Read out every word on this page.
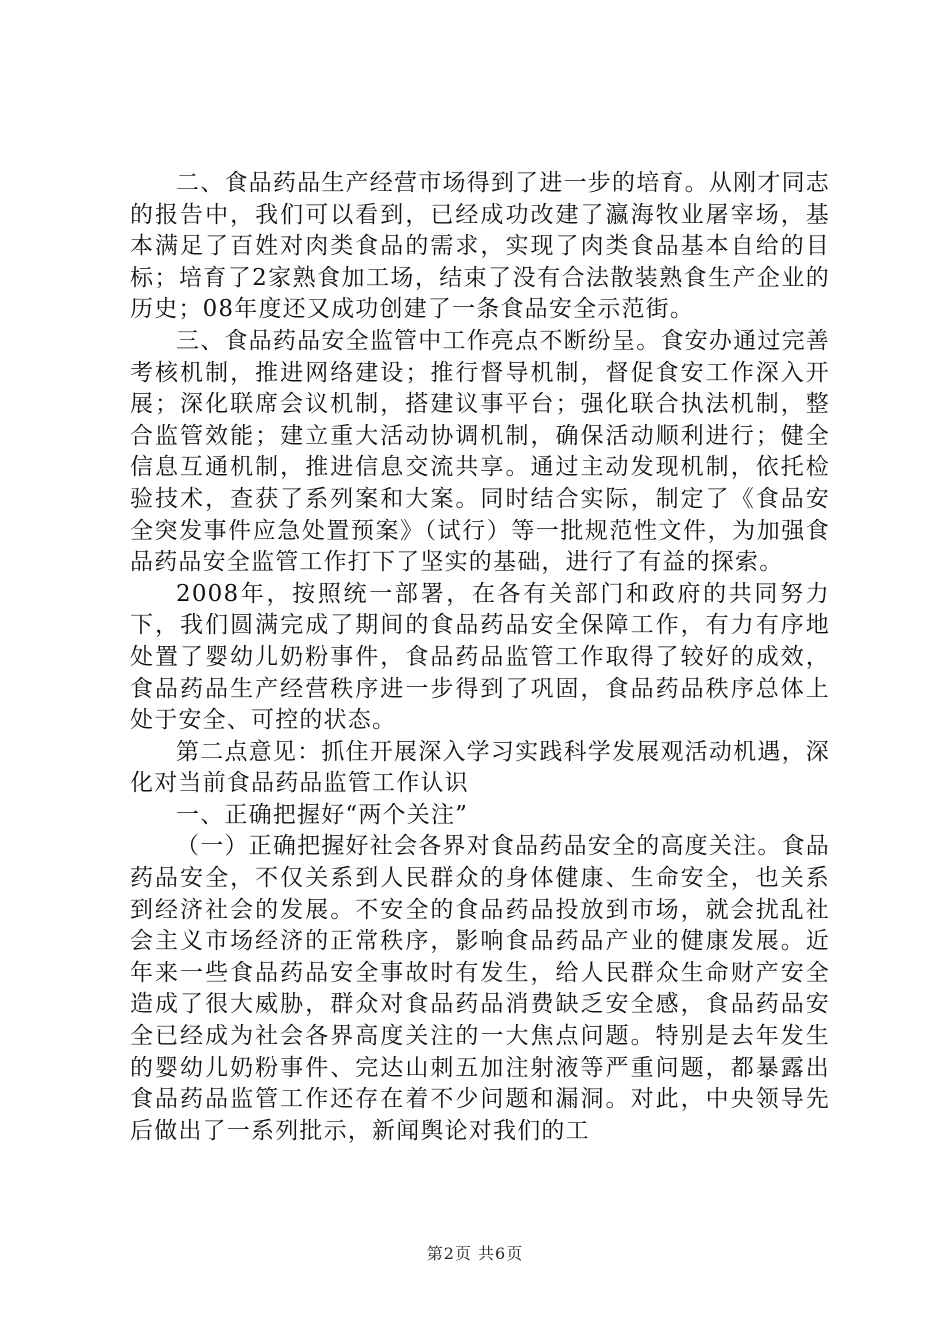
二、食品药品生产经营市场得到了进一步的培育。从刚才同志的报告中，我们可以看到，已经成功改建了瀛海牧业屠宰场，基本满足了百姓对肉类食品的需求，实现了肉类食品基本自给的目标；培育了2家熟食加工场，结束了没有合法散装熟食生产企业的历史；08年度还又成功创建了一条食品安全示范街。

三、食品药品安全监管中工作亮点不断纷呈。食安办通过完善考核机制，推进网络建设；推行督导机制，督促食安工作深入开展；深化联席会议机制，搭建议事平台；强化联合执法机制，整合监管效能；建立重大活动协调机制，确保活动顺利进行；健全信息互通机制，推进信息交流共享。通过主动发现机制，依托检验技术，查获了系列案和大案。同时结合实际，制定了《食品安全突发事件应急处置预案》（试行）等一批规范性文件，为加强食品药品安全监管工作打下了坚实的基础，进行了有益的探索。

2008年，按照统一部署，在各有关部门和政府的共同努力下，我们圆满完成了期间的食品药品安全保障工作，有力有序地处置了婴幼儿奶粉事件，食品药品监管工作取得了较好的成效，食品药品生产经营秩序进一步得到了巩固，食品药品秩序总体上处于安全、可控的状态。

第二点意见：抓住开展深入学习实践科学发展观活动机遇，深化对当前食品药品监管工作认识

一、正确把握好“两个关注”

（一）正确把握好社会各界对食品药品安全的高度关注。食品药品安全，不仅关系到人民群众的身体健康、生命安全，也关系到经济社会的发展。不安全的食品药品投放到市场，就会扰乱社会主义市场经济的正常秩序，影响食品药品产业的健康发展。近年来一些食品药品安全事故时有发生，给人民群众生命财产安全造成了很大威胁，群众对食品药品消费缺乏安全感，食品药品安全已经成为社会各界高度关注的一大焦点问题。特别是去年发生的婴幼儿奶粉事件、完达山刺五加注射液等严重问题，都暴露出食品药品监管工作还存在着不少问题和漏洞。对此，中央领导先后做出了一系列批示，新闻舆论对我们的工

第2页 共6页
